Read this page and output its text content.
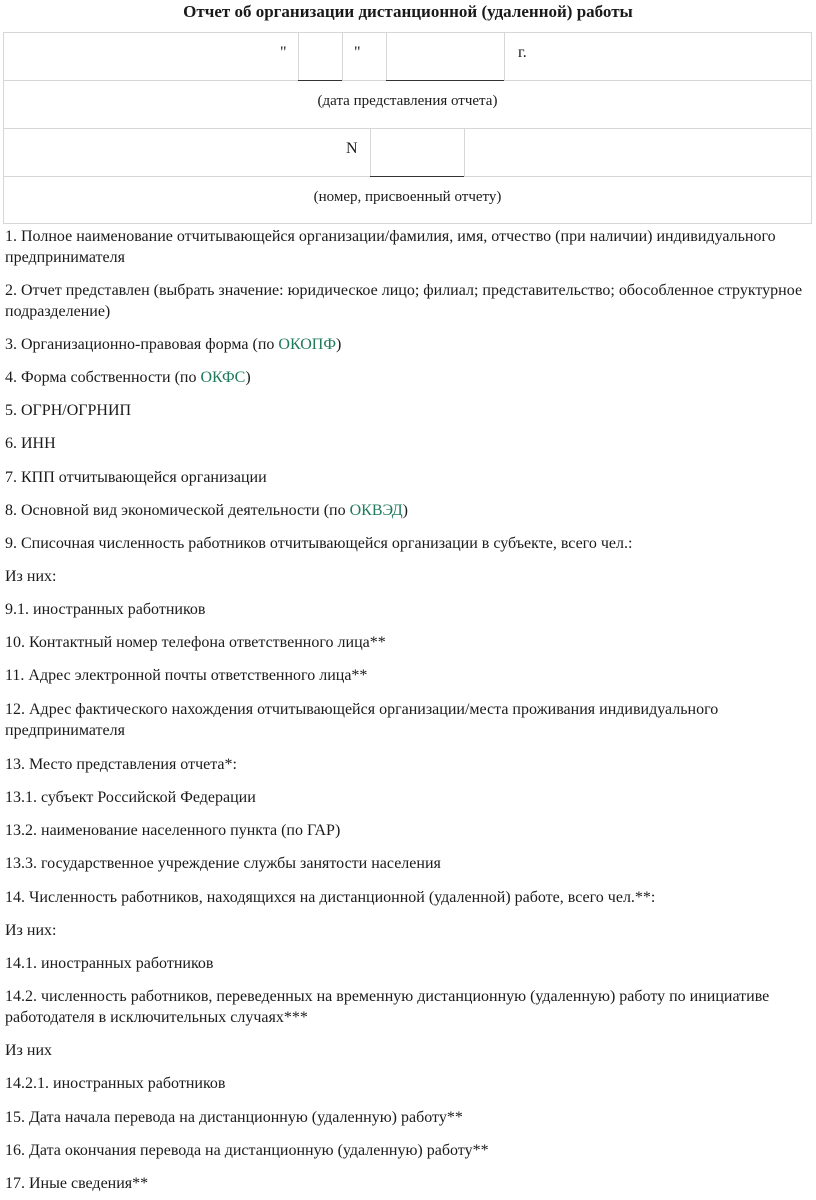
Отчет об организации дистанционной (удаленной) работы
"	"	г.
(дата представления отчета)
N
(номер, присвоенный отчету)
1. Полное наименование отчитывающейся организации/фамилия, имя, отчество (при наличии) индивидуального предпринимателя
2. Отчет представлен (выбрать значение: юридическое лицо; филиал; представительство; обособленное структурное подразделение)
3. Организационно-правовая форма (по ОКОПФ)
4. Форма собственности (по ОКФС)
5. ОГРН/ОГРНИП
6. ИНН
7. КПП отчитывающейся организации
8. Основной вид экономической деятельности (по ОКВЭД)
9. Списочная численность работников отчитывающейся организации в субъекте, всего чел.:
Из них:
9.1. иностранных работников
10. Контактный номер телефона ответственного лица**
11. Адрес электронной почты ответственного лица**
12. Адрес фактического нахождения отчитывающейся организации/места проживания индивидуального предпринимателя
13. Место представления отчета*:
13.1. субъект Российской Федерации
13.2. наименование населенного пункта (по ГАР)
13.3. государственное учреждение службы занятости населения
14. Численность работников, находящихся на дистанционной (удаленной) работе, всего чел.**:
Из них:
14.1. иностранных работников
14.2. численность работников, переведенных на временную дистанционную (удаленную) работу по инициативе работодателя в исключительных случаях***
Из них
14.2.1. иностранных работников
15. Дата начала перевода на дистанционную (удаленную) работу**
16. Дата окончания перевода на дистанционную (удаленную) работу**
17. Иные сведения**
